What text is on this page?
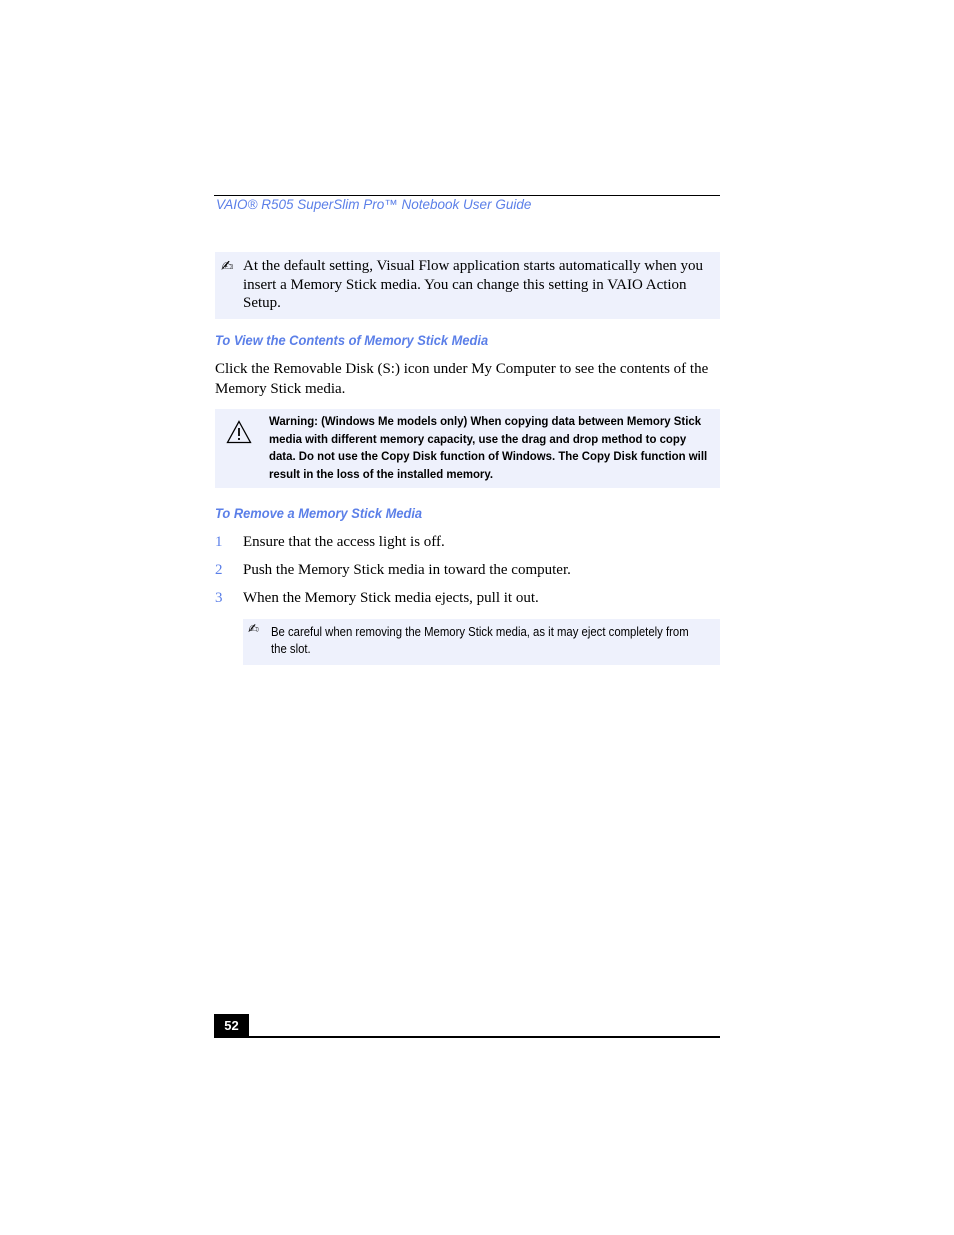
VAIO® R505 SuperSlim Pro™ Notebook User Guide
✍ At the default setting, Visual Flow application starts automatically when you insert a Memory Stick media. You can change this setting in VAIO Action Setup.
To View the Contents of Memory Stick Media
Click the Removable Disk (S:) icon under My Computer to see the contents of the Memory Stick media.
Warning: (Windows Me models only) When copying data between Memory Stick media with different memory capacity, use the drag and drop method to copy data. Do not use the Copy Disk function of Windows. The Copy Disk function will result in the loss of the installed memory.
To Remove a Memory Stick Media
1 Ensure that the access light is off.
2 Push the Memory Stick media in toward the computer.
3 When the Memory Stick media ejects, pull it out.
✍ Be careful when removing the Memory Stick media, as it may eject completely from the slot.
52
